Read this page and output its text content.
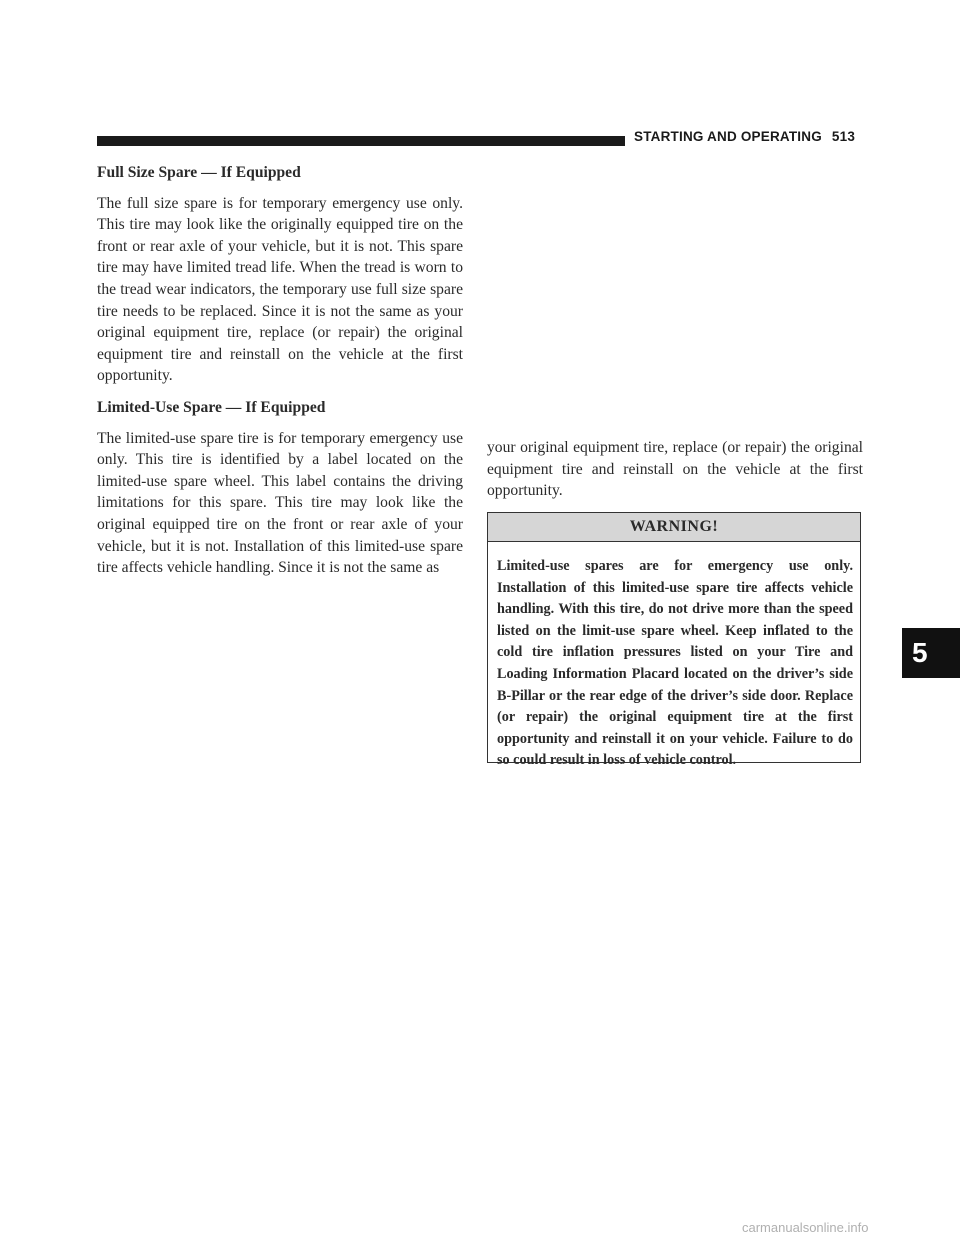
STARTING AND OPERATING 513
Full Size Spare — If Equipped

The full size spare is for temporary emergency use only. This tire may look like the originally equipped tire on the front or rear axle of your vehicle, but it is not. This spare tire may have limited tread life. When the tread is worn to the tread wear indicators, the temporary use full size spare tire needs to be replaced. Since it is not the same as your original equipment tire, replace (or repair) the original equipment tire and reinstall on the vehicle at the first opportunity.

Limited-Use Spare — If Equipped

The limited-use spare tire is for temporary emergency use only. This tire is identified by a label located on the limited-use spare wheel. This label contains the driving limitations for this spare. This tire may look like the original equipped tire on the front or rear axle of your vehicle, but it is not. Installation of this limited-use spare tire affects vehicle handling. Since it is not the same as

your original equipment tire, replace (or repair) the original equipment tire and reinstall on the vehicle at the first opportunity.

WARNING!
Limited-use spares are for emergency use only. Installation of this limited-use spare tire affects vehicle handling. With this tire, do not drive more than the speed listed on the limit-use spare wheel. Keep inflated to the cold tire inflation pressures listed on your Tire and Loading Information Placard located on the driver’s side B-Pillar or the rear edge of the driver’s side door. Replace (or repair) the original equipment tire at the first opportunity and reinstall it on your vehicle. Failure to do so could result in loss of vehicle control.
5
carmanualsonline.info
